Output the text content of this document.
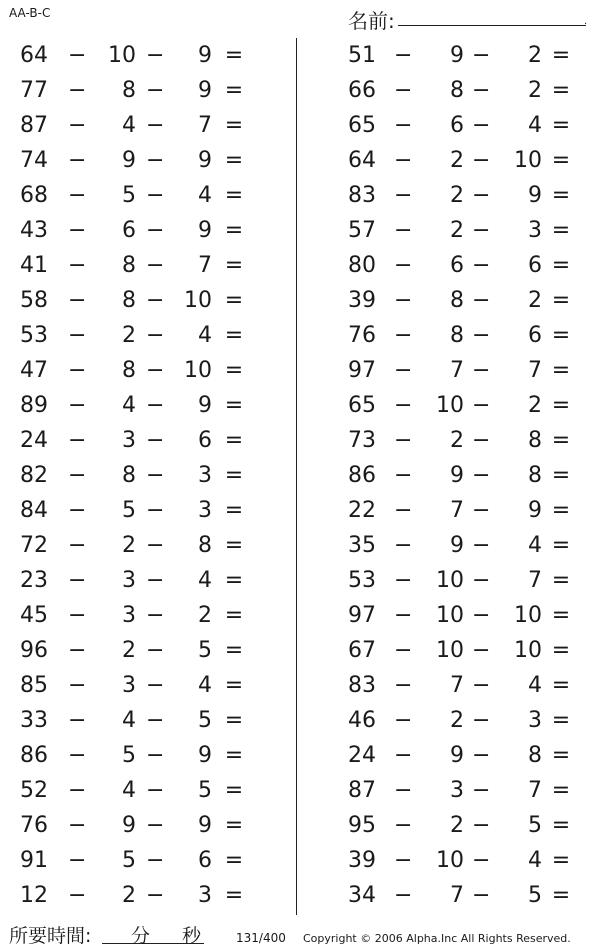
AA-B-C	名前:	.
64 − 10 −	9 =
77 −	8 −	9 =
87 −	4 −	7 =
74 −	9 −	9 =
68 −	5 −	4 =
43 −	6 −	9 =
41 −	8 −	7 =
58 −	8 − 10 =
53 −	2 −	4 =
47 −	8 − 10 =
89 −	4 −	9 =
24 −	3 −	6 =
82 −	8 −	3 =
84 −	5 −	3 =
72 −	2 −	8 =
23 −	3 −	4 =
45 −	3 −	2 =
96 −	2 −	5 =
85 −	3 −	4 =
33 −	4 −	5 =
86 −	5 −	9 =
52 −	4 −	5 =
76 −	9 −	9 =
91 −	5 −	6 =
12 −	2 −	3 =
51 −	9 −	2 =
66 −	8 −	2 =
65 −	6 −	4 =
64 −	2 −	10 =
83 −	2 −	9 =
57 −	2 −	3 =
80 −	6 −	6 =
39 −	8 −	2 =
76 −	8 −	6 =
97 −	7 −	7 =
65 −	10 −	2 =
73 −	2 −	8 =
86 −	9 −	8 =
22 −	7 −	9 =
35 −	9 −	4 =
53 −	10 −	7 =
97 −	10 −	10 =
67 −	10 −	10 =
83 −	7 −	4 =
46 −	2 −	3 =
24 −	9 −	8 =
87 −	3 −	7 =
95 −	2 −	5 =
39 −	10 −	4 =
34 −	7 −	5 =
所要時間: 分 秒	131/400 Copyright © 2006 Alpha.Inc All Rights Reserved.
